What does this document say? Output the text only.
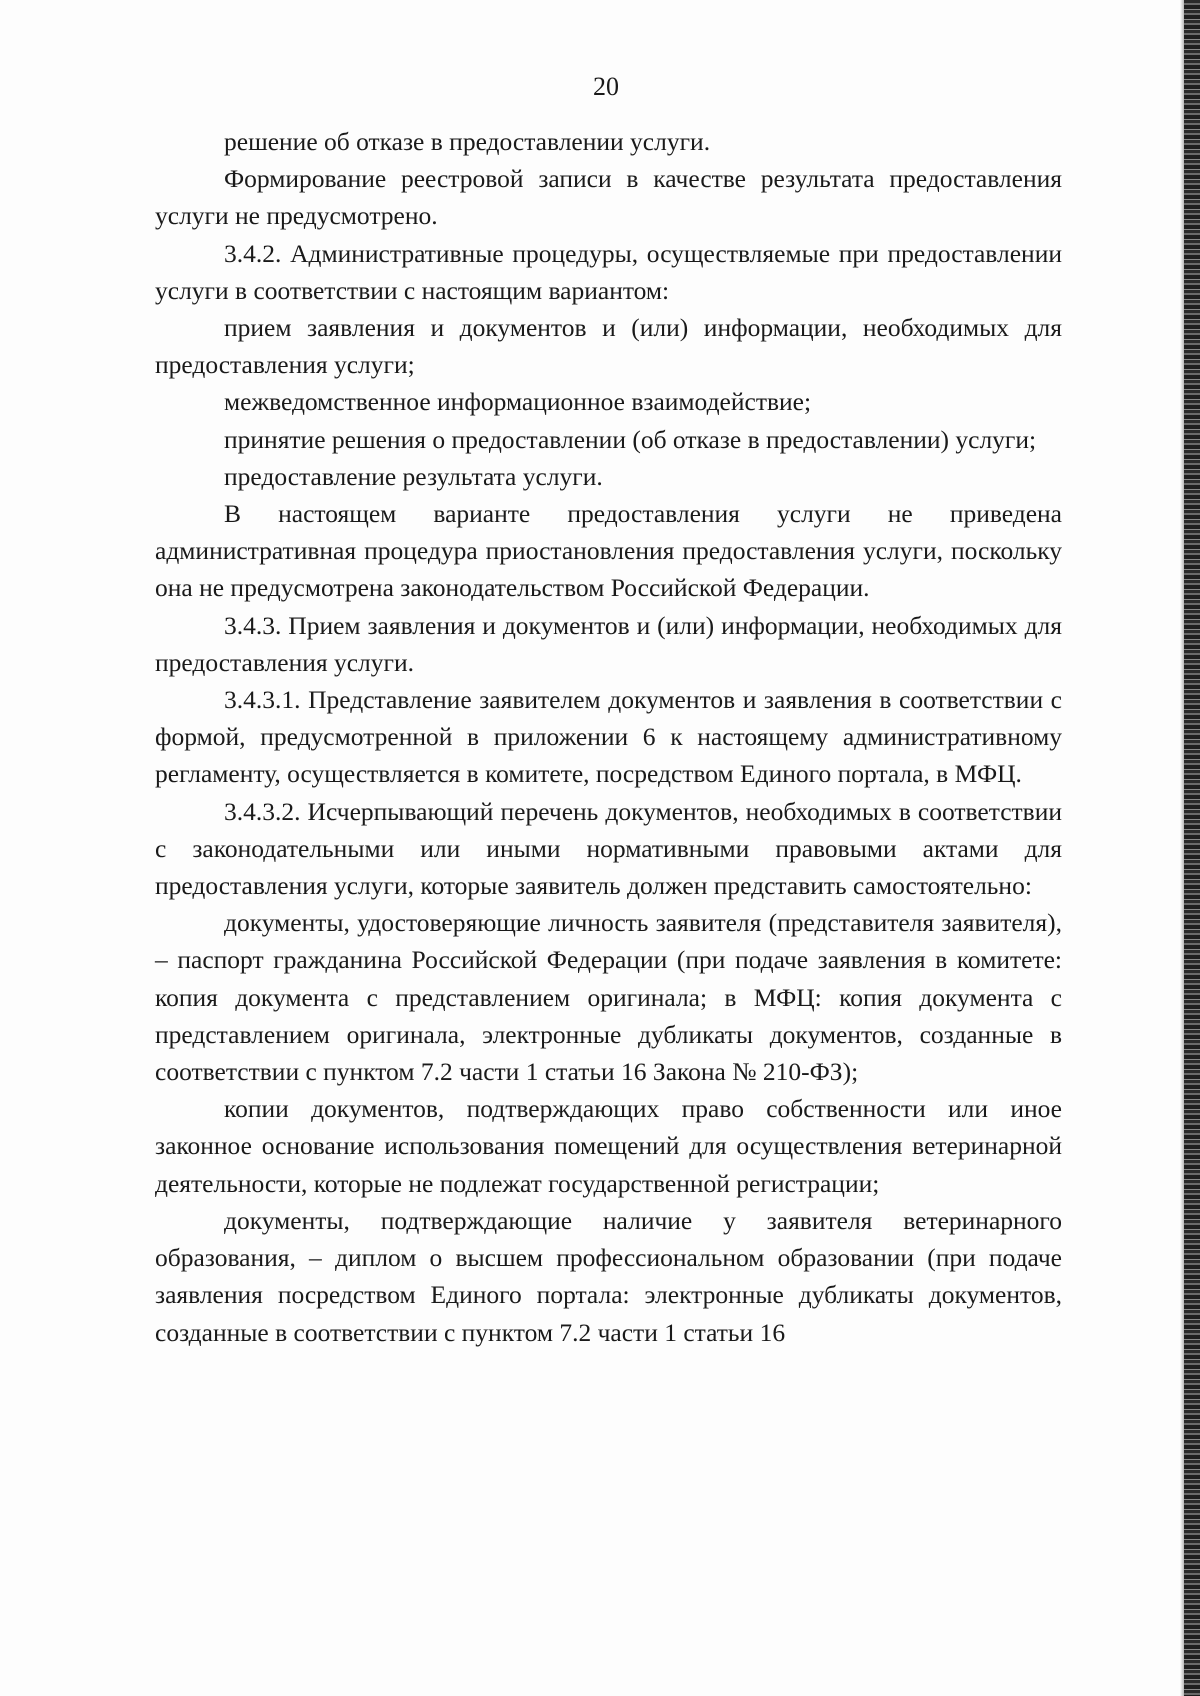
20

решение об отказе в предоставлении услуги.

Формирование реестровой записи в качестве результата предоставления услуги не предусмотрено.

3.4.2. Административные процедуры, осуществляемые при предоставлении услуги в соответствии с настоящим вариантом:

прием заявления и документов и (или) информации, необходимых для предоставления услуги;

межведомственное информационное взаимодействие;

принятие решения о предоставлении (об отказе в предоставлении) услуги;

предоставление результата услуги.

В настоящем варианте предоставления услуги не приведена административная процедура приостановления предоставления услуги, поскольку она не предусмотрена законодательством Российской Федерации.

3.4.3. Прием заявления и документов и (или) информации, необходимых для предоставления услуги.

3.4.3.1. Представление заявителем документов и заявления в соответствии с формой, предусмотренной в приложении 6 к настоящему административному регламенту, осуществляется в комитете, посредством Единого портала, в МФЦ.

3.4.3.2. Исчерпывающий перечень документов, необходимых в соответствии с законодательными или иными нормативными правовыми актами для предоставления услуги, которые заявитель должен представить самостоятельно:

документы, удостоверяющие личность заявителя (представителя заявителя), – паспорт гражданина Российской Федерации (при подаче заявления в комитете: копия документа с представлением оригинала; в МФЦ: копия документа с представлением оригинала, электронные дубликаты документов, созданные в соответствии с пунктом 7.2 части 1 статьи 16 Закона № 210-ФЗ);

копии документов, подтверждающих право собственности или иное законное основание использования помещений для осуществления ветеринарной деятельности, которые не подлежат государственной регистрации;

документы, подтверждающие наличие у заявителя ветеринарного образования, – диплом о высшем профессиональном образовании (при подаче заявления посредством Единого портала: электронные дубликаты документов, созданные в соответствии с пунктом 7.2 части 1 статьи 16
